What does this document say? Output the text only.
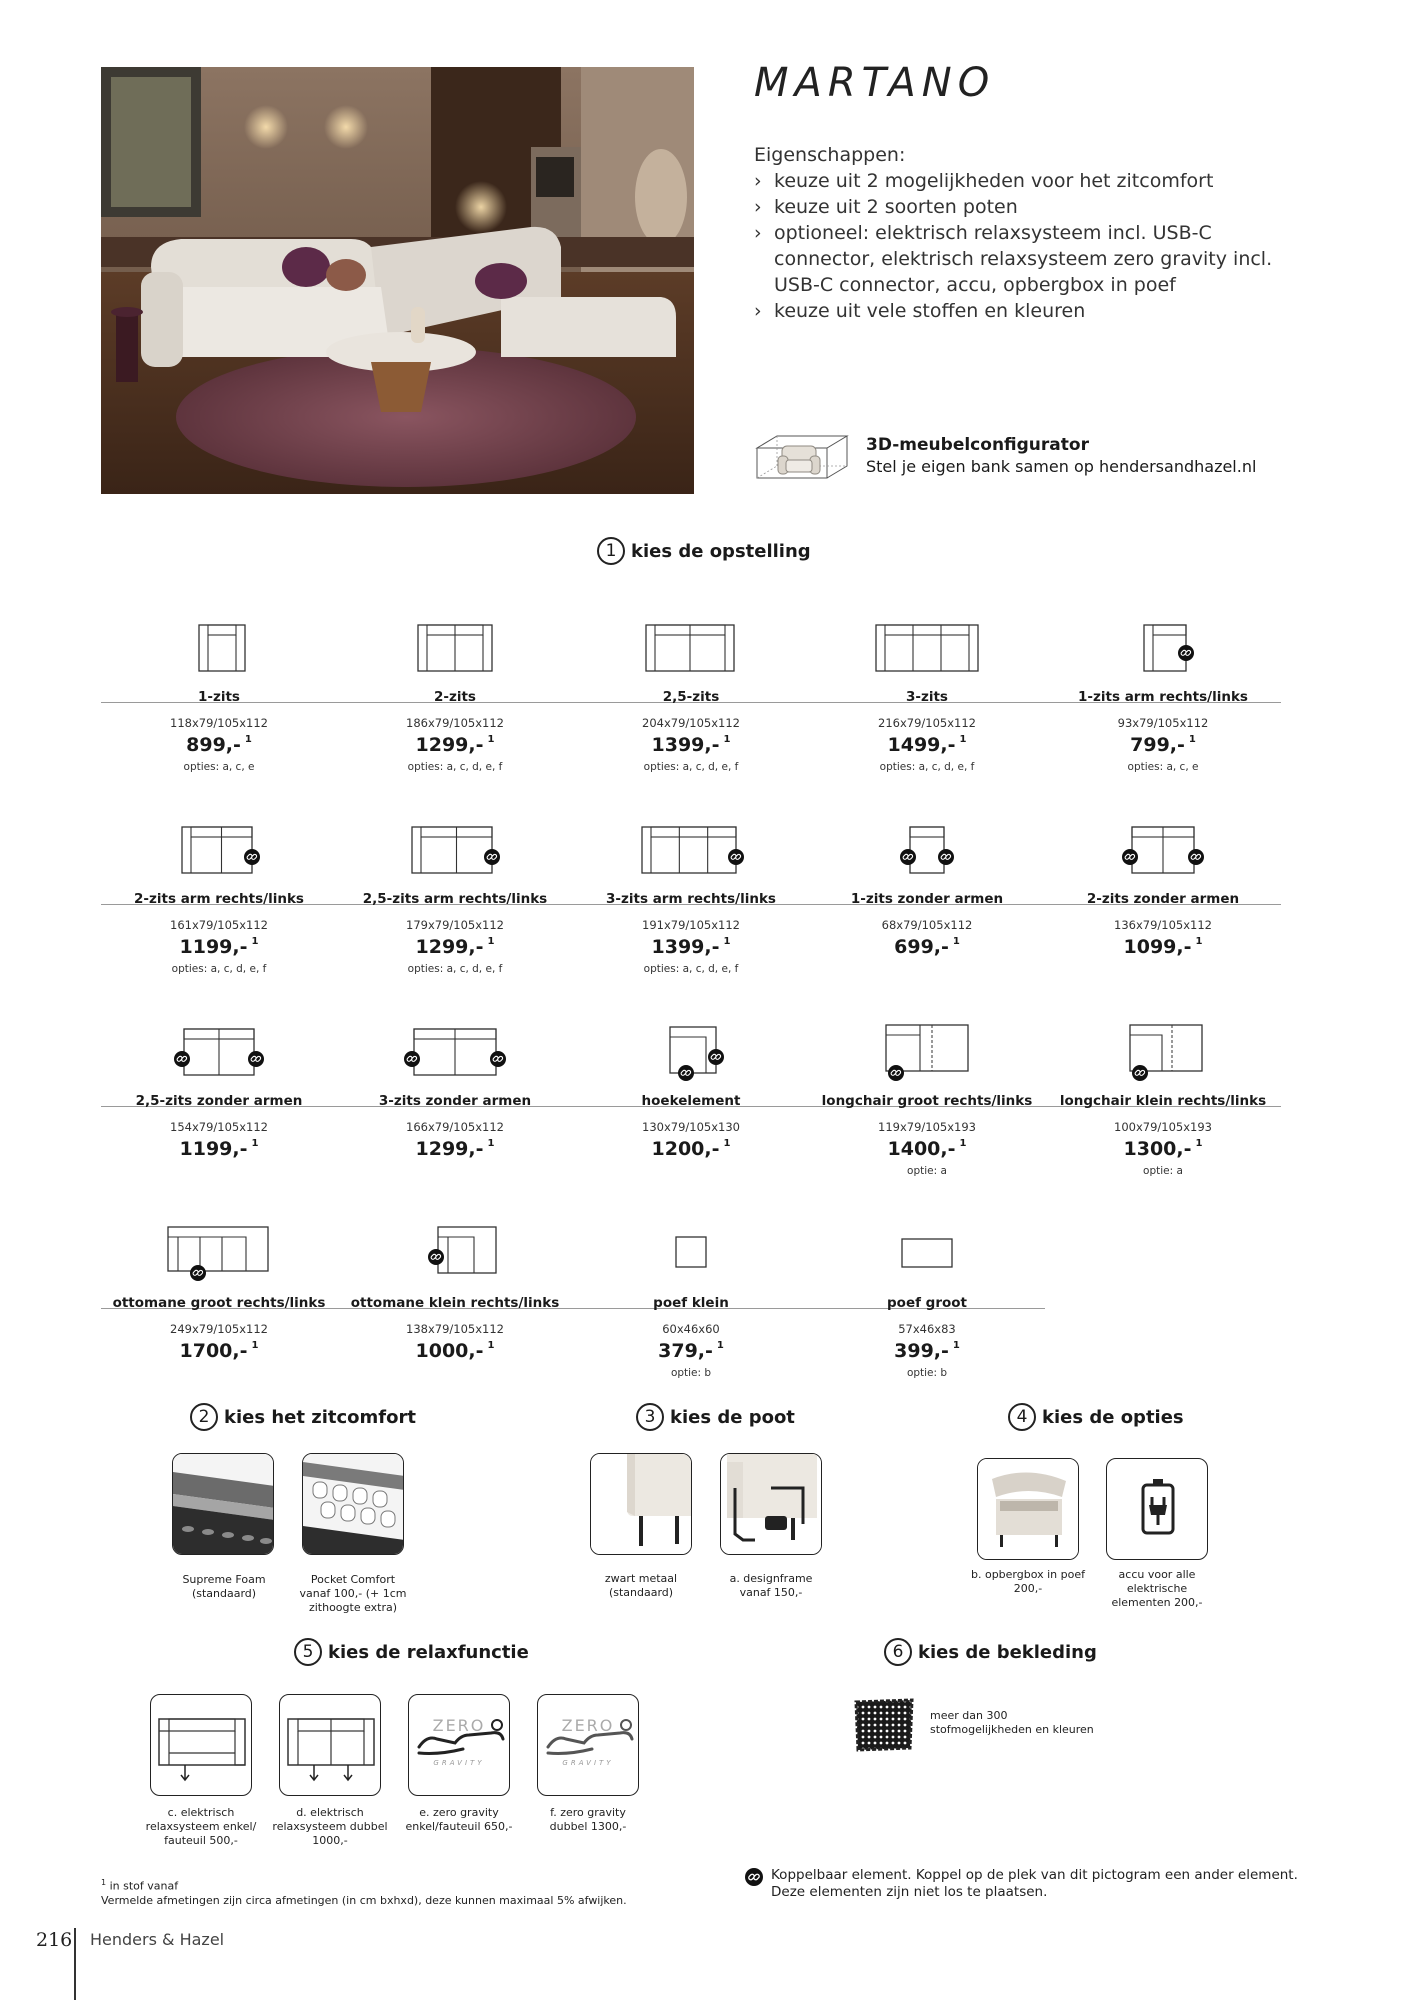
MARTANO
Eigenschappen:
› keuze uit 2 mogelijkheden voor het zitcomfort
› keuze uit 2 soorten poten
› optioneel: elektrisch relaxsysteem incl. USB-C connector, elektrisch relaxsysteem zero gravity incl. USB-C connector, accu, opbergbox in poef
› keuze uit vele stoffen en kleuren
3D-meubelconfigurator
Stel je eigen bank samen op hendersandhazel.nl
1 kies de opstelling
1-zits
118x79/105x112
899,- $^1$
opties: a, c, e
2-zits
186x79/105x112
1299,- $^1$
opties: a, c, d, e, f
2,5-zits
204x79/105x112
1399,- $^1$
opties: a, c, d, e, f
3-zits
216x79/105x112
1499,- $^1$
opties: a, c, d, e, f
1-zits arm rechts/links
93x79/105x112
799,- $^1$
opties: a, c, e
2-zits arm rechts/links
161x79/105x112
1199,- $^1$
opties: a, c, d, e, f
2,5-zits arm rechts/links
179x79/105x112
1299,- $^1$
opties: a, c, d, e, f
3-zits arm rechts/links
191x79/105x112
1399,- $^1$
opties: a, c, d, e, f
1-zits zonder armen
68x79/105x112
699,- $^1$
2-zits zonder armen
136x79/105x112
1099,- $^1$
2,5-zits zonder armen
154x79/105x112
1199,- $^1$
3-zits zonder armen
166x79/105x112
1299,- $^1$
hoekelement
130x79/105x130
1200,- $^1$
longchair groot rechts/links
119x79/105x193
1400,- $^1$
optie: a
longchair klein rechts/links
100x79/105x193
1300,- $^1$
optie: a
ottomane groot rechts/links
249x79/105x112
1700,- $^1$
ottomane klein rechts/links
138x79/105x112
1000,- $^1$
poef klein
60x46x60
379,- $^1$
optie: b
poef groot
57x46x83
399,- $^1$
optie: b
2 kies het zitcomfort	3 kies de poot	4 kies de opties
Supreme Foam
(standaard)
Pocket Comfort
vanaf 100,- (+ 1cm
zithoogte extra)
zwart metaal
(standaard)
a. designframe
vanaf 150,-
b. opbergbox in poef
200,-
accu voor alle
elektrische
elementen 200,-
5 kies de relaxfunctie	6 kies de bekleding
ZERO
GRAVITY
ZERO
GRAVITY
c. elektrisch
relaxsysteem enkel/
fauteuil 500,-
d. elektrisch
relaxsysteem dubbel
1000,-
e. zero gravity
enkel/fauteuil 650,-
f. zero gravity
dubbel 1300,-
meer dan 300
stofmogelijkheden en kleuren
$^1$ in stof vanaf
Vermelde afmetingen zijn circa afmetingen (in cm bxhxd), deze kunnen maximaal 5% afwijken.
Koppelbaar element. Koppel op de plek van dit pictogram een ander element.
Deze elementen zijn niet los te plaatsen.
216 Henders & Hazel
